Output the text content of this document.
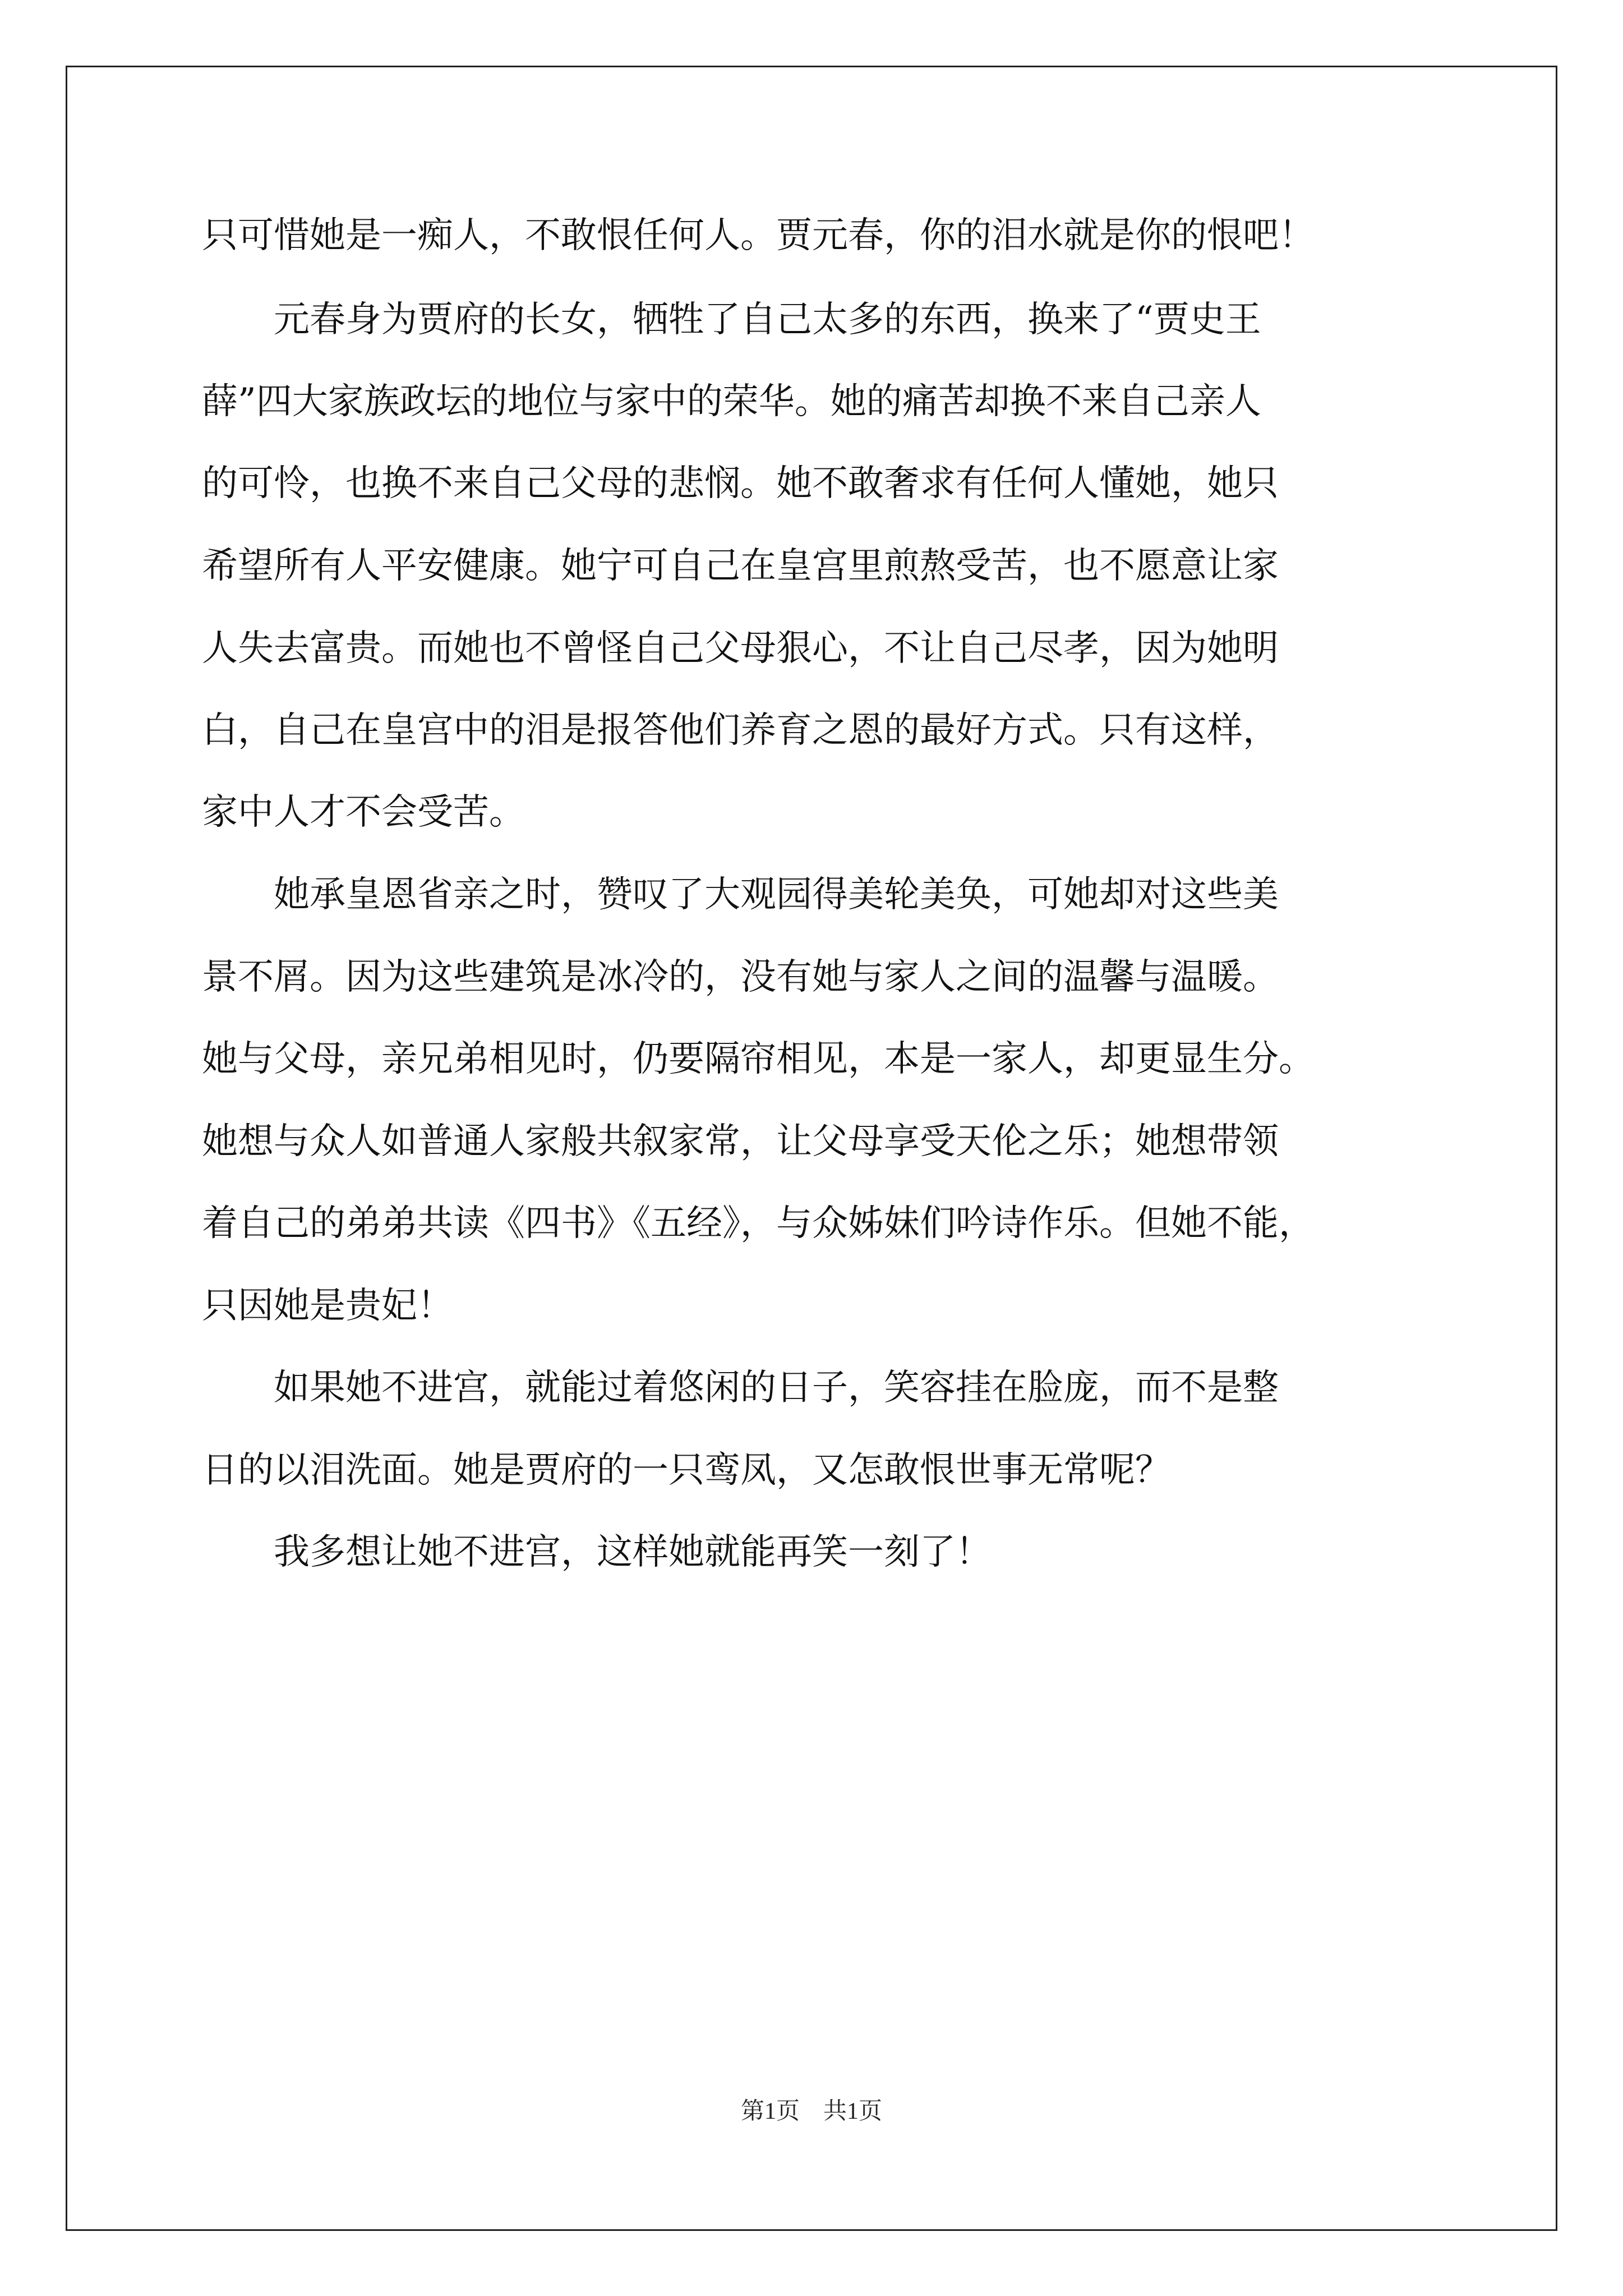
只可惜她是一痴人，不敢恨任何人。贾元春，你的泪水就是你的恨吧！
　　元春身为贾府的长女，牺牲了自己太多的东西，换来了“贾史王
薛”四大家族政坛的地位与家中的荣华。她的痛苦却换不来自己亲人
的可怜，也换不来自己父母的悲悯。她不敢奢求有任何人懂她，她只
希望所有人平安健康。她宁可自己在皇宫里煎熬受苦，也不愿意让家
人失去富贵。而她也不曾怪自己父母狠心，不让自己尽孝，因为她明
白，自己在皇宫中的泪是报答他们养育之恩的最好方式。只有这样，
家中人才不会受苦。
　　她承皇恩省亲之时，赞叹了大观园得美轮美奂，可她却对这些美
景不屑。因为这些建筑是冰冷的，没有她与家人之间的温馨与温暖。
她与父母，亲兄弟相见时，仍要隔帘相见，本是一家人，却更显生分。
她想与众人如普通人家般共叙家常，让父母享受天伦之乐；她想带领
着自己的弟弟共读《四书》《五经》，与众姊妹们吟诗作乐。但她不能，
只因她是贵妃！
　　如果她不进宫，就能过着悠闲的日子，笑容挂在脸庞，而不是整
日的以泪洗面。她是贾府的一只鸾凤，又怎敢恨世事无常呢？
　　我多想让她不进宫，这样她就能再笑一刻了！
第1页　共1页
